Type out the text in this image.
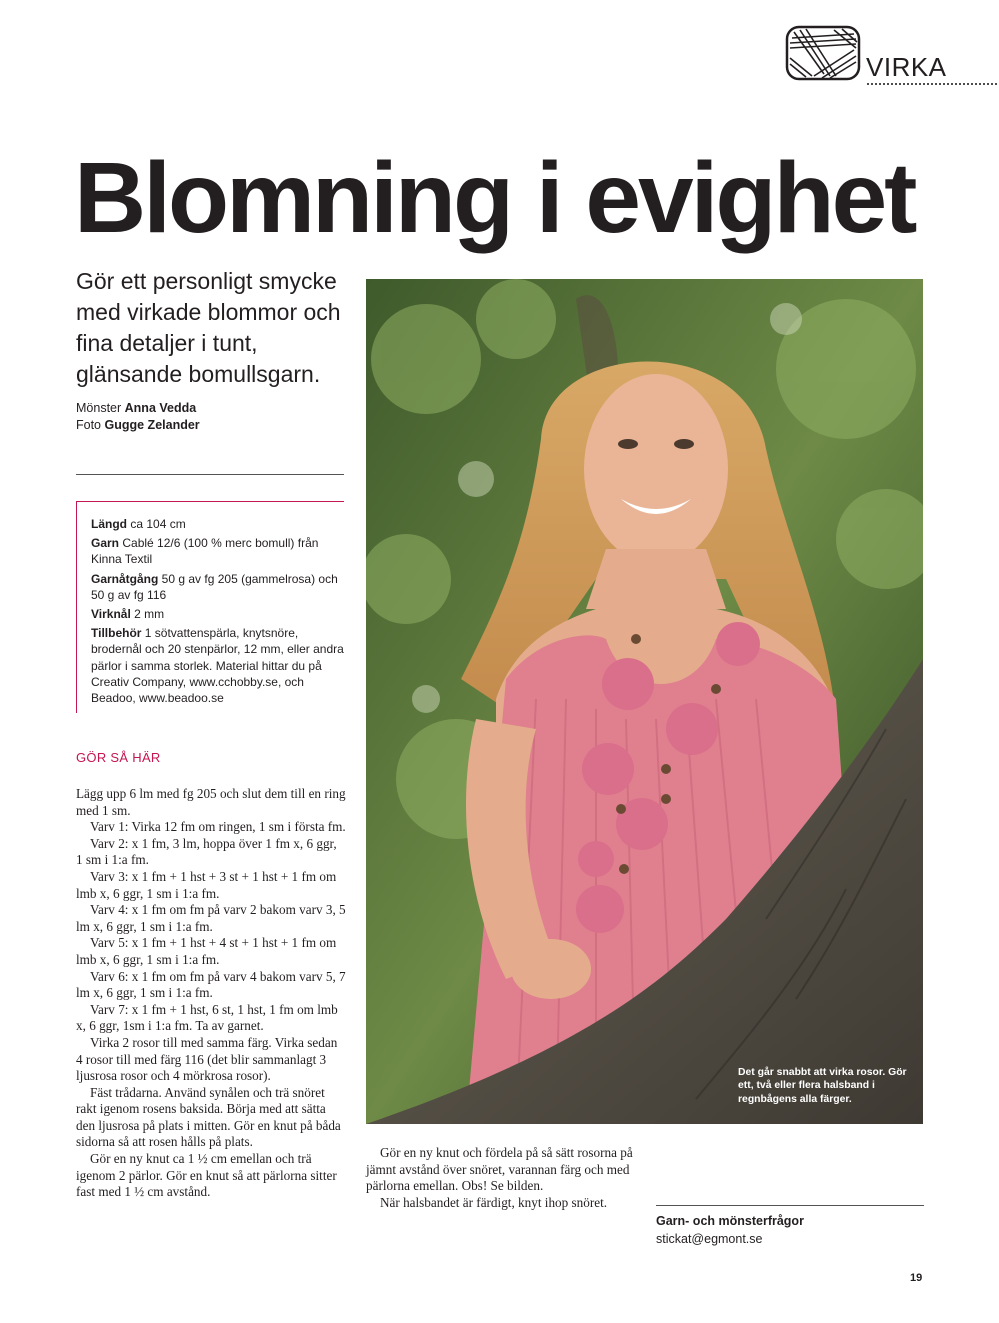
VIRKA
Blomning i evighet

Gör ett personligt smycke med virkade blommor och fina detaljer i tunt, glänsande bomullsgarn.

Mönster Anna Vedda
Foto Gugge Zelander
Längd ca 104 cm
Garn Cablé 12/6 (100 % merc bomull) från Kinna Textil
Garnåtgång 50 g av fg 205 (gammelrosa) och 50 g av fg 116
Virknål 2 mm
Tillbehör 1 sötvattenspärla, knytsnöre, brodernål och 20 stenpärlor, 12 mm, eller andra pärlor i samma storlek. Material hittar du på Creativ Company, www.cchobby.se, och Beadoo, www.beadoo.se
GÖR SÅ HÄR

Lägg upp 6 lm med fg 205 och slut dem till en ring med 1 sm.

Varv 1: Virka 12 fm om ringen, 1 sm i första fm.

Varv 2: x 1 fm, 3 lm, hoppa över 1 fm x, 6 ggr, 1 sm i 1:a fm.

Varv 3: x 1 fm + 1 hst + 3 st + 1 hst + 1 fm om lmb x, 6 ggr, 1 sm i 1:a fm.

Varv 4: x 1 fm om fm på varv 2 bakom varv 3, 5 lm x, 6 ggr, 1 sm i 1:a fm.

Varv 5: x 1 fm + 1 hst + 4 st + 1 hst + 1 fm om lmb x, 6 ggr, 1 sm i 1:a fm.

Varv 6: x 1 fm om fm på varv 4 bakom varv 5, 7 lm x, 6 ggr, 1 sm i 1:a fm.

Varv 7: x 1 fm + 1 hst, 6 st, 1 hst, 1 fm om lmb x, 6 ggr, 1sm i 1:a fm. Ta av garnet.

Virka 2 rosor till med samma färg. Virka sedan 4 rosor till med färg 116 (det blir sammanlagt 3 ljusrosa rosor och 4 mörkrosa rosor).

Fäst trådarna. Använd synålen och trä snöret rakt igenom rosens baksida. Börja med att sätta den ljusrosa på plats i mitten. Gör en knut på båda sidorna så att rosen hålls på plats.

Gör en ny knut ca 1 ½ cm emellan och trä igenom 2 pärlor. Gör en knut så att pärlorna sitter fast med 1 ½ cm avstånd.

Gör en ny knut och fördela på så sätt rosorna på jämnt avstånd över snöret, varannan färg och med pärlorna emellan. Obs! Se bilden.

När halsbandet är färdigt, knyt ihop snöret.

Det går snabbt att virka rosor. Gör ett, två eller flera halsband i regnbågens alla färger.
Garn- och mönsterfrågor
stickat@egmont.se
19
